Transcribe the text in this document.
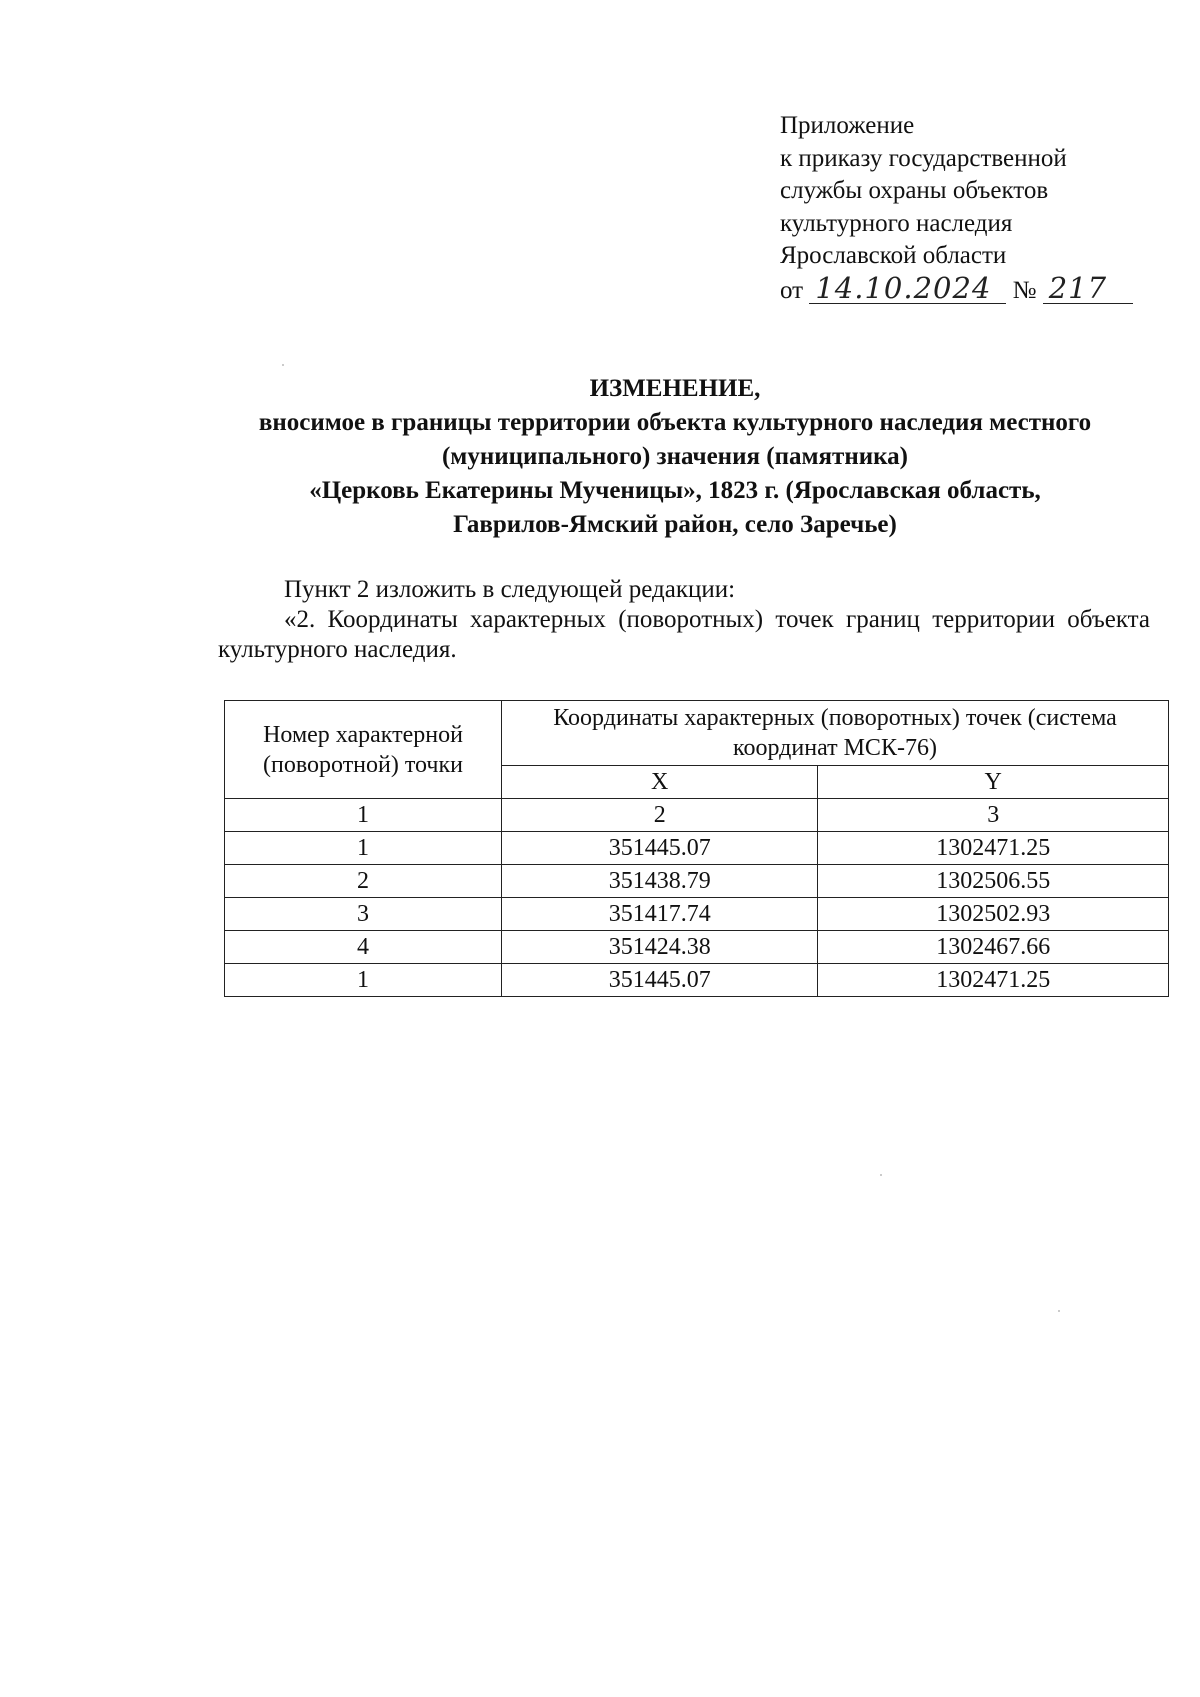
Приложение
к приказу государственной
службы охраны объектов
культурного наследия
Ярославской области
от 14.10.2024 № 217
ИЗМЕНЕНИЕ,
вносимое в границы территории объекта культурного наследия местного
(муниципального) значения (памятника)
«Церковь Екатерины Мученицы», 1823 г. (Ярославская область,
Гаврилов-Ямский район, село Заречье)

Пункт 2 изложить в следующей редакции:

«2. Координаты характерных (поворотных) точек границ территории объекта культурного наследия.

Номер характерной (поворотной) точки	Координаты характерных (поворотных) точек (система координат МСК-76)	
	X	Y
1	2	3
1	351445.07	1302471.25
2	351438.79	1302506.55
3	351417.74	1302502.93
4	351424.38	1302467.66
1	351445.07	1302471.25
